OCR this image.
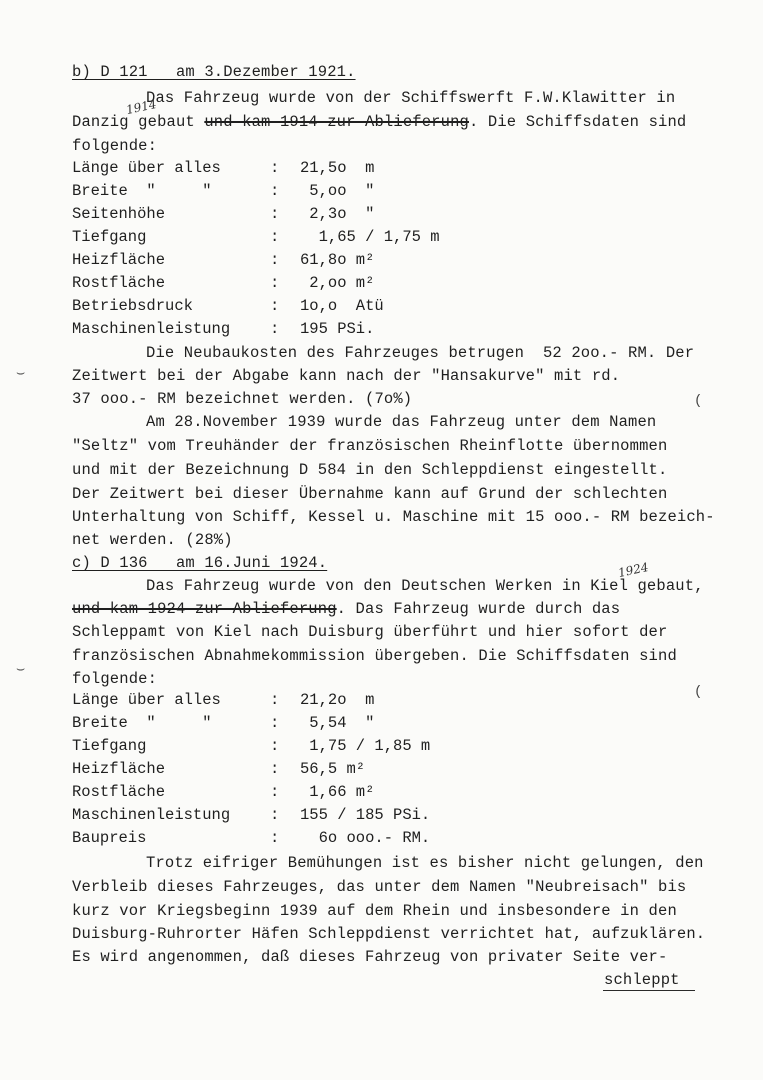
b) D 121   am 3.Dezember 1921.
Das Fahrzeug wurde von der Schiffswerft F.W.Klawitter in
Danzig gebaut und kam 1914 zur Ablieferung. Die Schiffsdaten sind
1914
folgende:
Länge über alles	: 21,5o  m
Breite  "     "	: 5,oo  "
Seitenhöhe	: 2,3o  "
Tiefgang	: 1,65 / 1,75 m
Heizfläche	: 61,8o m²
Rostfläche	: 2,oo m²
Betriebsdruck	: 1o,o  Atü
Maschinenleistung	: 195 PSi.
Die Neubaukosten des Fahrzeuges betrugen  52 2oo.- RM. Der
Zeitwert bei der Abgabe kann nach der "Hansakurve" mit rd.
37 ooo.- RM bezeichnet werden. (7o%)
Am 28.November 1939 wurde das Fahrzeug unter dem Namen
"Seltz" vom Treuhänder der französischen Rheinflotte übernommen
und mit der Bezeichnung D 584 in den Schleppdienst eingestellt.
Der Zeitwert bei dieser Übernahme kann auf Grund der schlechten
Unterhaltung von Schiff, Kessel u. Maschine mit 15 ooo.- RM bezeich-
net werden. (28%)
c) D 136   am 16.Juni 1924.
Das Fahrzeug wurde von den Deutschen Werken in Kiel gebaut,
1924
und kam 1924 zur Ablieferung. Das Fahrzeug wurde durch das
Schleppamt von Kiel nach Duisburg überführt und hier sofort der
französischen Abnahmekommission übergeben. Die Schiffsdaten sind
folgende:
Länge über alles	: 21,2o  m
Breite  "     "	: 5,54  "
Tiefgang	: 1,75 / 1,85 m
Heizfläche	: 56,5 m²
Rostfläche	: 1,66 m²
Maschinenleistung	: 155 / 185 PSi.
Baupreis	: 6o ooo.- RM.
Trotz eifriger Bemühungen ist es bisher nicht gelungen, den
Verbleib dieses Fahrzeuges, das unter dem Namen "Neubreisach" bis
kurz vor Kriegsbeginn 1939 auf dem Rhein und insbesondere in den
Duisburg-Ruhrorter Häfen Schleppdienst verrichtet hat, aufzuklären.
Es wird angenommen, daß dieses Fahrzeug von privater Seite ver-
schleppt
⌣
⌣
(
(
